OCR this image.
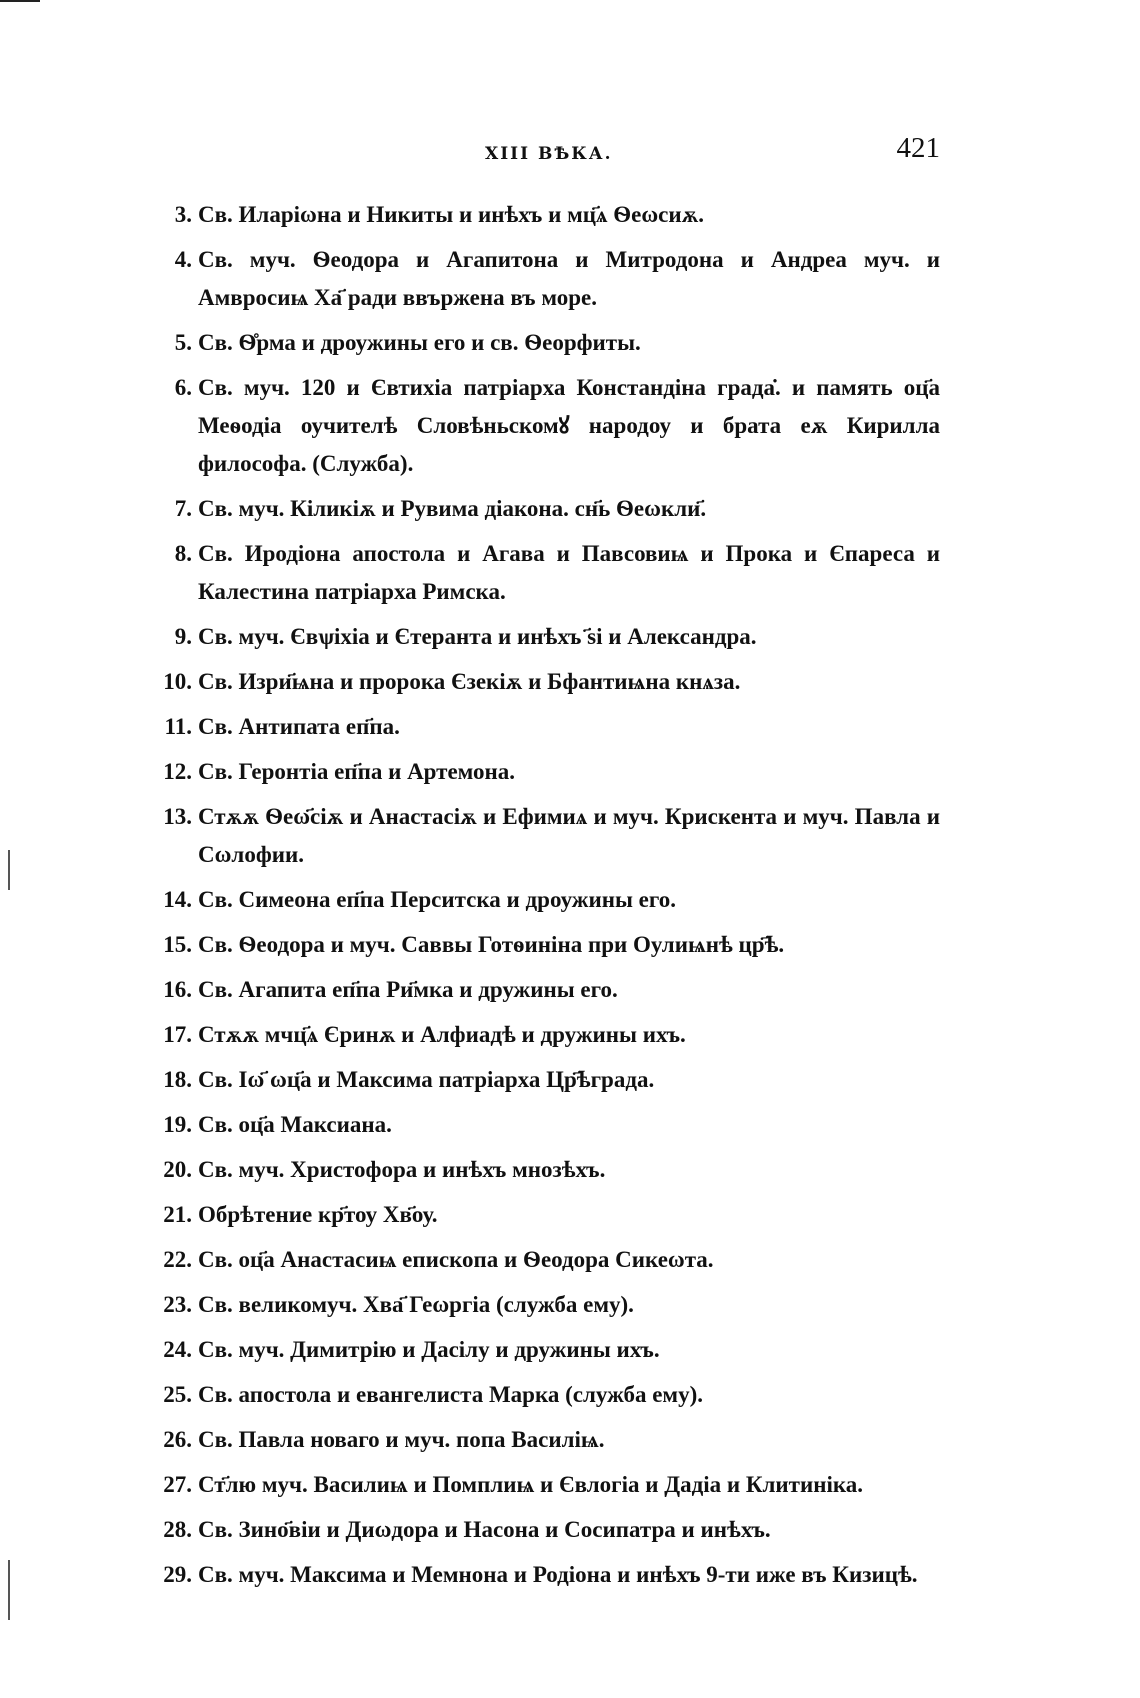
XIII ВѢКА.	421
3. Св. Иларіωна и Никиты и инѣхъ и мц҃ѧ Ѳеωсиѫ.
4. Св. муч. Ѳеодора и Агапитона и Митродона и Андреа муч. и Амвросиѩ Ха҃ ради ввържена въ море.
5. Св. Ѳ̊рма и дроужины его и св. Ѳеорфиты.
6. Св. муч. 120 и Євтихіа патріарха Констандіна града̇. и память оц҃а Меѳодіа оучителѣ Словѣньскомꙋ народоу и брата еѫ Кирилла философа. (Служба).
7. Св. муч. Кіликіѫ и Рувима діакона. сн҃ь Ѳеωкли҃.
8. Св. Иродіона апостола и Агава и Павсовиѩ и Прока и Єпареса и Калестина патріарха Римска.
9. Св. муч. Євѱіхіа и Єтеранта и инѣхъ ҃ѕі и Александра.
10. Св. Изри҃ѩна и пророка Єзекіѫ и Бфантиѩна кнѧза.
11. Св. Антипата еп҃па.
12. Св. Геронтіа еп҃па и Артемона.
13. Стѫѫ Ѳеω҃сіѫ и Анастасіѫ и Ефимиѧ и муч. Крискента и муч. Павла и Сωлофии.
14. Св. Симеона еп҃па Перситска и дроужины его.
15. Св. Ѳеодора и муч. Саввы Готѳиніна при Оулиѩнѣ цр҃ѣ.
16. Св. Агапита еп҃па Ри҃мка и дружины его.
17. Стѫѫ мчц҃ѧ Єринѫ и Алфиадѣ и дружины ихъ.
18. Св. Іω҃ ωц҃а и Максима патріарха Цр҃ѣграда.
19. Св. оц҃а Максиана.
20. Св. муч. Христофора и инѣхъ мнозѣхъ.
21. Обрѣтение кр҃тоу Хв҃оу.
22. Св. оц҃а Анастасиѩ епископа и Ѳеодора Сикеωта.
23. Св. великомуч. Хва҃ Геωргіа (служба ему).
24. Св. муч. Димитрію и Дасілу и дружины ихъ.
25. Св. апостола и евангелиста Марка (служба ему).
26. Св. Павла новаго и муч. попа Василіѩ.
27. Ст҃лю муч. Василиѩ и Помплиѩ и Євлогіа и Дадіа и Клитиніка.
28. Св. Зино҃віи и Диωдора и Насона и Сосипатра и инѣхъ.
29. Св. муч. Максима и Мемнона и Родіона и инѣхъ 9-ти иже въ Кизицѣ.
